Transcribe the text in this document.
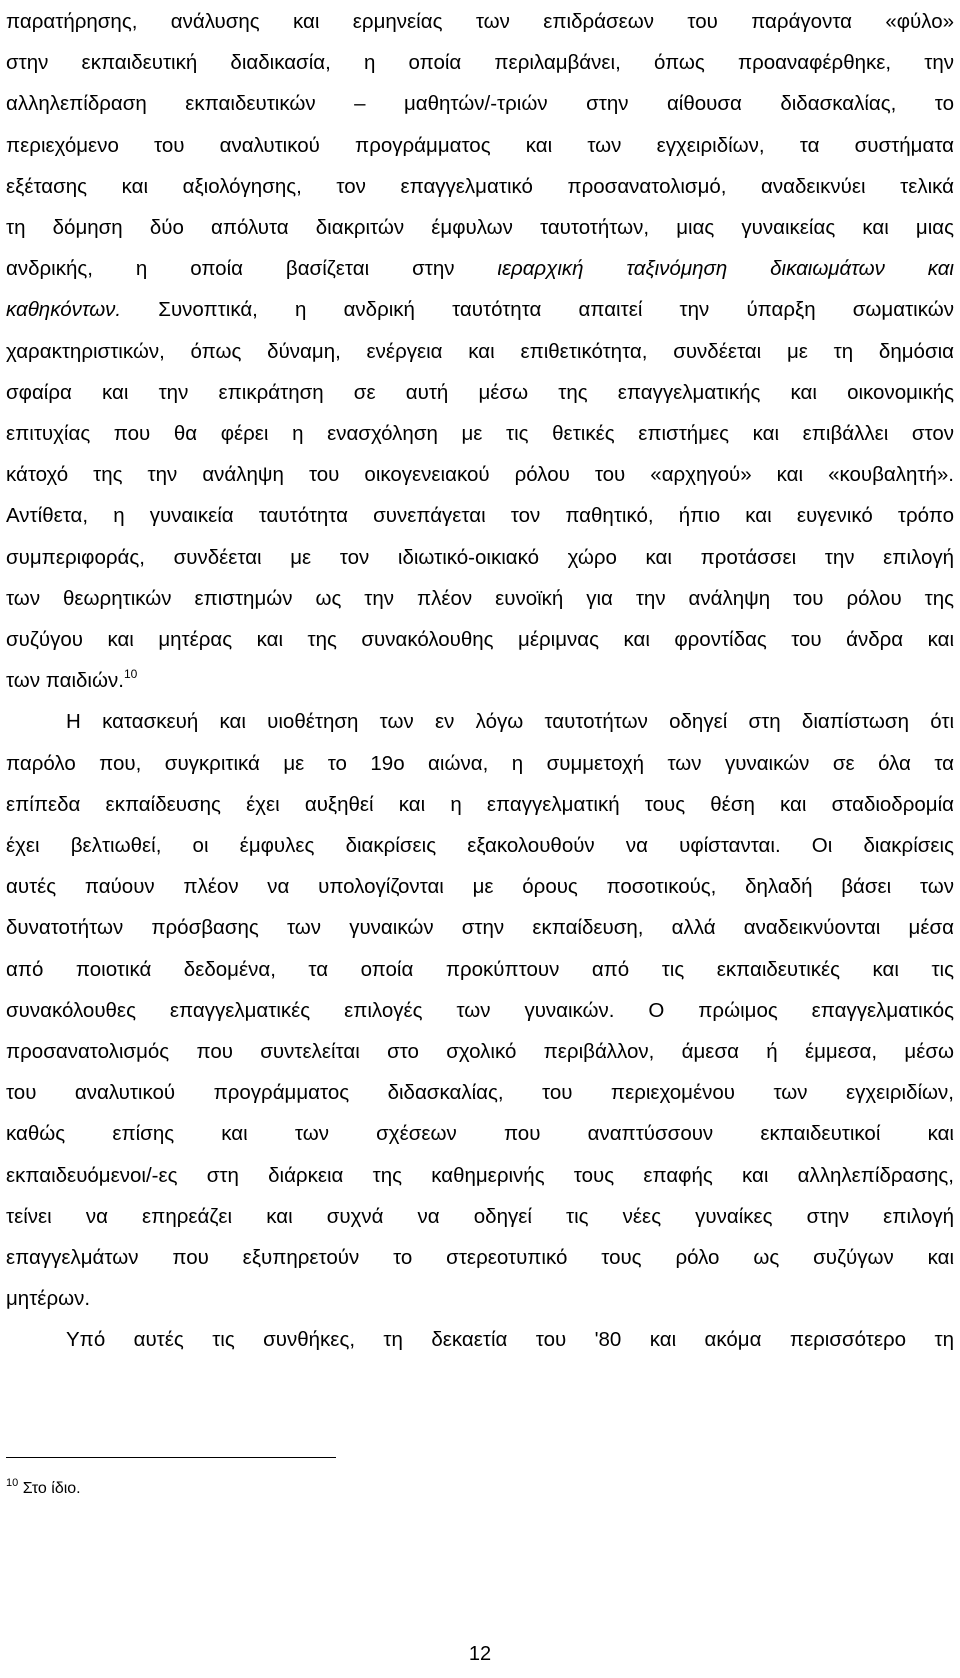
παρατήρησης, ανάλυσης και ερμηνείας των επιδράσεων του παράγοντα «φύλο»
στην εκπαιδευτική διαδικασία, η οποία περιλαμβάνει, όπως προαναφέρθηκε, την
αλληλεπίδραση εκπαιδευτικών – μαθητών/-τριών στην αίθουσα διδασκαλίας, το
περιεχόμενο του αναλυτικού προγράμματος και των εγχειριδίων, τα συστήματα
εξέτασης και αξιολόγησης, τον επαγγελματικό προσανατολισμό, αναδεικνύει τελικά
τη δόμηση δύο απόλυτα διακριτών έμφυλων ταυτοτήτων, μιας γυναικείας και μιας
ανδρικής, η οποία βασίζεται στην ιεραρχική ταξινόμηση δικαιωμάτων και
καθηκόντων. Συνοπτικά, η ανδρική ταυτότητα απαιτεί την ύπαρξη σωματικών
χαρακτηριστικών, όπως δύναμη, ενέργεια και επιθετικότητα, συνδέεται με τη δημόσια
σφαίρα και την επικράτηση σε αυτή μέσω της επαγγελματικής και οικονομικής
επιτυχίας που θα φέρει η ενασχόληση με τις θετικές επιστήμες και επιβάλλει στον
κάτοχό της την ανάληψη του οικογενειακού ρόλου του «αρχηγού» και «κουβαλητή».
Αντίθετα, η γυναικεία ταυτότητα συνεπάγεται τον παθητικό, ήπιο και ευγενικό τρόπο
συμπεριφοράς, συνδέεται με τον ιδιωτικό-οικιακό χώρο και προτάσσει την επιλογή
των θεωρητικών επιστημών ως την πλέον ευνοϊκή για την ανάληψη του ρόλου της
συζύγου και μητέρας και της συνακόλουθης μέριμνας και φροντίδας του άνδρα και
των παιδιών.$^{10}$
Η κατασκευή και υιοθέτηση των εν λόγω ταυτοτήτων οδηγεί στη διαπίστωση ότι
παρόλο που, συγκριτικά με το 19ο αιώνα, η συμμετοχή των γυναικών σε όλα τα
επίπεδα εκπαίδευσης έχει αυξηθεί και η επαγγελματική τους θέση και σταδιοδρομία
έχει βελτιωθεί, οι έμφυλες διακρίσεις εξακολουθούν να υφίστανται. Οι διακρίσεις
αυτές παύουν πλέον να υπολογίζονται με όρους ποσοτικούς, δηλαδή βάσει των
δυνατοτήτων πρόσβασης των γυναικών στην εκπαίδευση, αλλά αναδεικνύονται μέσα
από ποιοτικά δεδομένα, τα οποία προκύπτουν από τις εκπαιδευτικές και τις
συνακόλουθες επαγγελματικές επιλογές των γυναικών. Ο πρώιμος επαγγελματικός
προσανατολισμός που συντελείται στο σχολικό περιβάλλον, άμεσα ή έμμεσα, μέσω
του αναλυτικού προγράμματος διδασκαλίας, του περιεχομένου των εγχειριδίων,
καθώς επίσης και των σχέσεων που αναπτύσσουν εκπαιδευτικοί και
εκπαιδευόμενοι/-ες στη διάρκεια της καθημερινής τους επαφής και αλληλεπίδρασης,
τείνει να επηρεάζει και συχνά να οδηγεί τις νέες γυναίκες στην επιλογή
επαγγελμάτων που εξυπηρετούν το στερεοτυπικό τους ρόλο ως συζύγων και
μητέρων.
Υπό αυτές τις συνθήκες, τη δεκαετία του '80 και ακόμα περισσότερο τη
$^{10}$ Στο ίδιο.
12
